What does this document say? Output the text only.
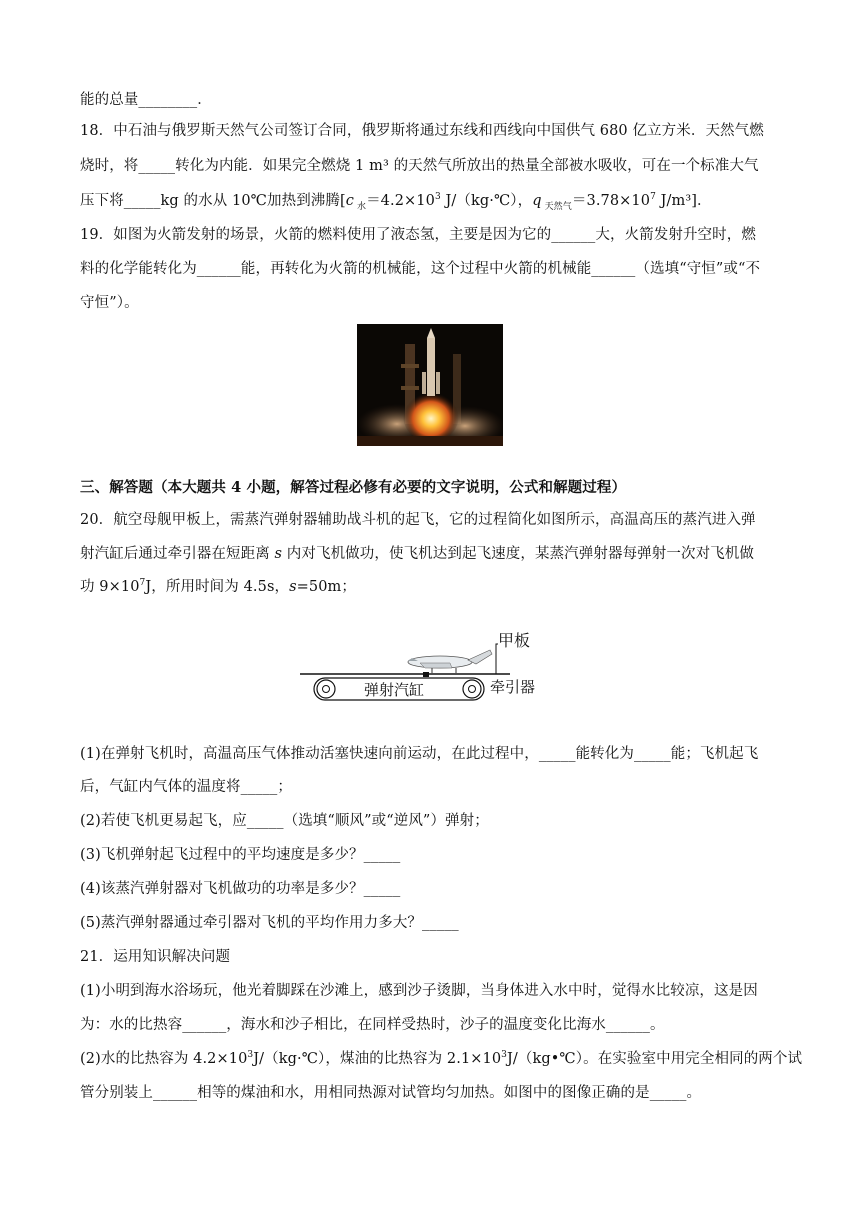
能的总量________．
18．中石油与俄罗斯天然气公司签订合同，俄罗斯将通过东线和西线向中国供气 680 亿立方米．天然气燃
烧时，将_____转化为内能．如果完全燃烧 1 m³ 的天然气所放出的热量全部被水吸收，可在一个标准大气
压下将_____kg 的水从 10℃加热到沸腾[c $_水=4.2\times 10^3$ J/（kg·℃），q $_{天然气}=3.78\times 10^7$ J/m³]．
19．如图为火箭发射的场景，火箭的燃料使用了液态氢，主要是因为它的______大，火箭发射升空时，燃
料的化学能转化为______能，再转化为火箭的机械能，这个过程中火箭的机械能______（选填“守恒”或“不
守恒”）。
三、解答题（本大题共 4 小题，解答过程必修有必要的文字说明，公式和解题过程）
20．航空母舰甲板上，需蒸汽弹射器辅助战斗机的起飞，它的过程简化如图所示，高温高压的蒸汽进入弹
射汽缸后通过牵引器在短距离 s 内对飞机做功，使飞机达到起飞速度，某蒸汽弹射器每弹射一次对飞机做
功 $9\times 10^7J$，所用时间为 4.5s，s=50m；
甲板
弹射汽缸	牵引器
(1)在弹射飞机时，高温高压气体推动活塞快速向前运动，在此过程中，_____能转化为_____能；飞机起飞
后，气缸内气体的温度将_____；
(2)若使飞机更易起飞，应_____（选填“顺风”或“逆风”）弹射；
(3)飞机弹射起飞过程中的平均速度是多少？_____
(4)该蒸汽弹射器对飞机做功的功率是多少？_____
(5)蒸汽弹射器通过牵引器对飞机的平均作用力多大？_____
21．运用知识解决问题
(1)小明到海水浴场玩，他光着脚踩在沙滩上，感到沙子烫脚，当身体进入水中时，觉得水比较凉，这是因
为：水的比热容______，海水和沙子相比，在同样受热时，沙子的温度变化比海水______。
(2)水的比热容为 $4.2\times 10^3J/(kg\cdot℃)$，煤油的比热容为 $2.1\times 10^3J/(kg•℃)$。在实验室中用完全相同的两个试
管分别装上______相等的煤油和水，用相同热源对试管均匀加热。如图中的图像正确的是_____。
